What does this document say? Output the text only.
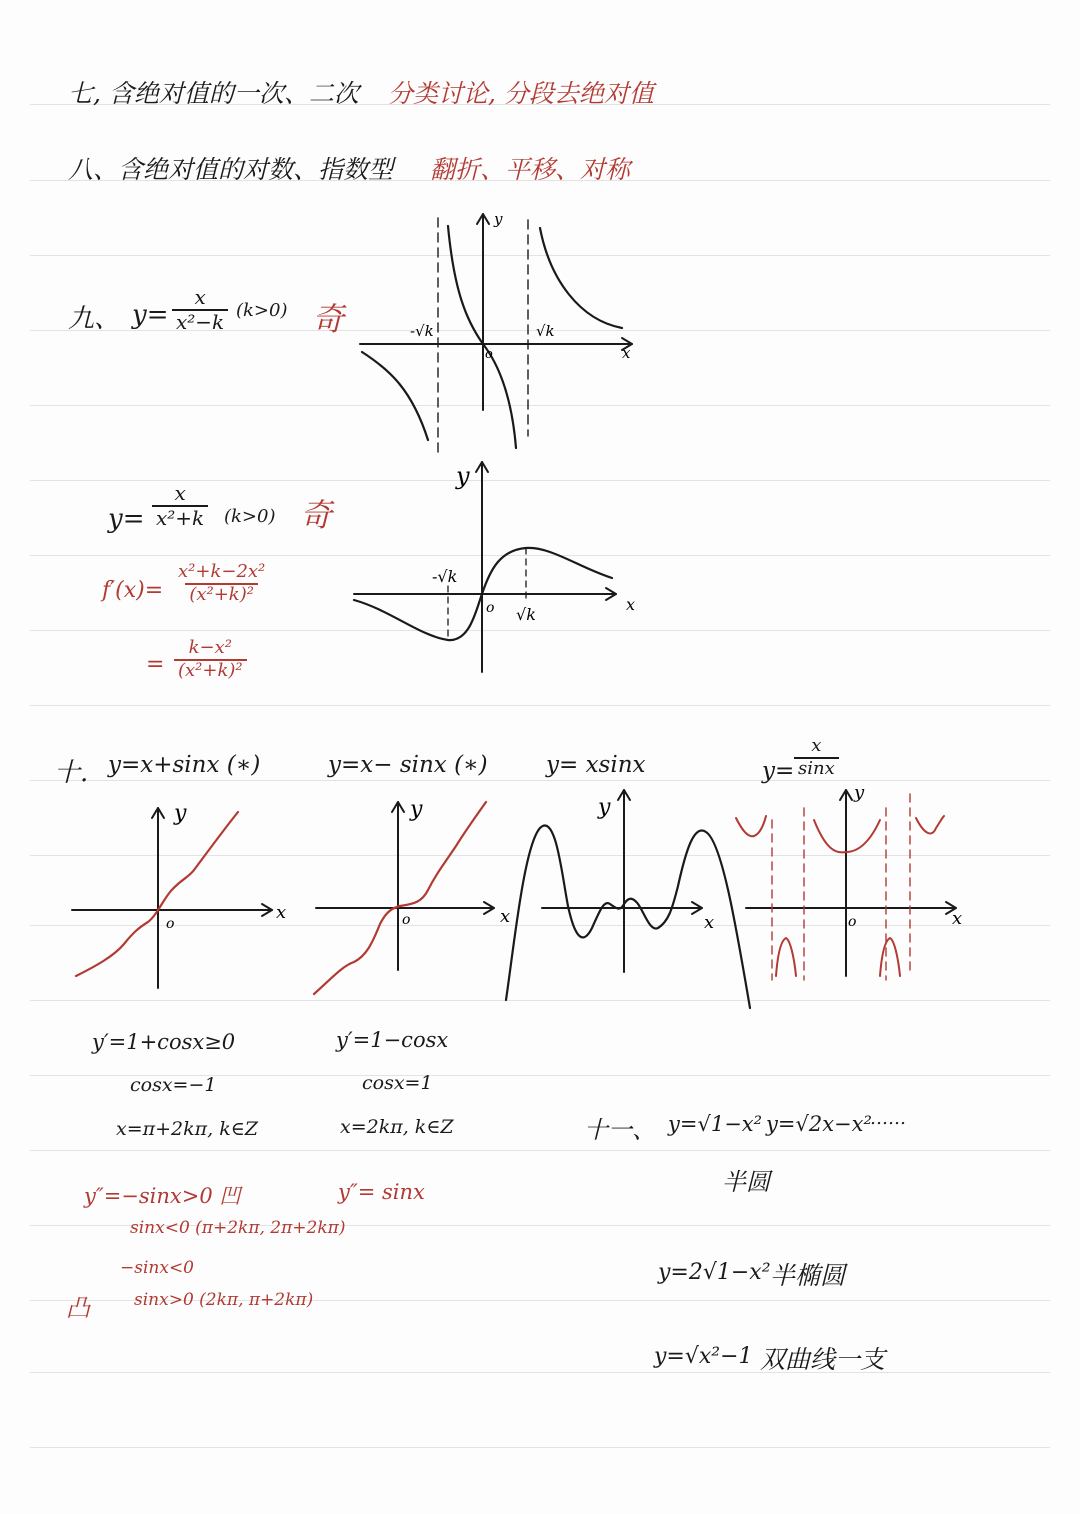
七, 含绝对值的一次、二次 分类讨论, 分段去绝对值
八、含绝对值的对数、指数型 翻折、平移、对称
九、 $y= \frac{x}{\text{x²−k}} (k>0)$ 奇
y
x
-√k	√k
o
$y= \frac{x}{\text{x²+k}} (k>0)$ 奇
$f'(x)= \frac{\text{x²+k−2x²}}{\text{(x²+k)²}}$
= $\frac{\text{k−x²}}{\text{(x²+k)²}}$
y
x
-√k
√k
o
十. y=x+sinx (∗)	y=x− sinx (∗)	y= xsinx	$y= \frac{x}{\sin x}$
y
x
o
y
x
o
y
x
y
x
o
y′=1+cosx≥0
cosx=−1
x=π+2kπ, k∈Z
y′=1−cosx
cosx=1
x=2kπ, k∈Z
y″=−sinx>0 凹
sinx<0 (π+2kπ, 2π+2kπ)
−sinx<0
凸	sinx>0 (2kπ, π+2kπ)
y″= sinx
十一、 y=√1−x² y=√2x−x²
……
半圆
y=2√1−x² 半椭圆
y=√x²−1 双曲线一支
